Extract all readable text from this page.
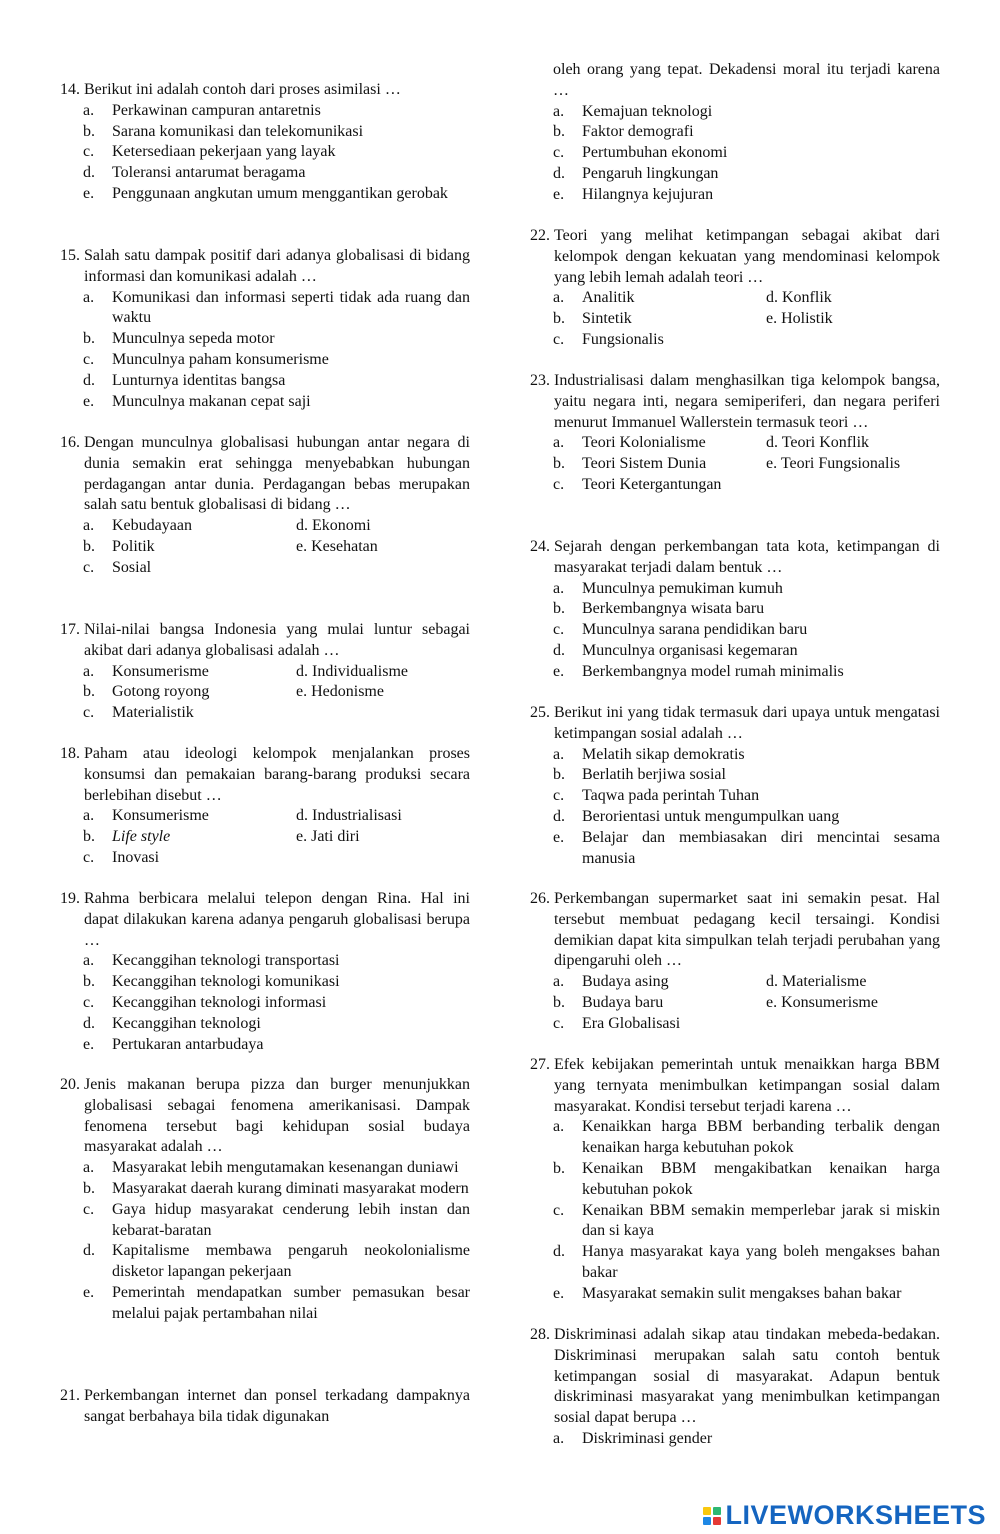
14. Berikut ini adalah contoh dari proses asimilasi …
a.	Perkawinan campuran antaretnis
b.	Sarana komunikasi dan telekomunikasi
c.	Ketersediaan pekerjaan yang layak
d.	Toleransi antarumat beragama
e.	Penggunaan angkutan umum menggantikan gerobak
15. Salah satu dampak positif dari adanya globalisasi di bidang informasi dan komunikasi adalah …
a.	Komunikasi dan informasi seperti tidak ada ruang dan waktu
b.	Munculnya sepeda motor
c.	Munculnya paham konsumerisme
d.	Lunturnya identitas bangsa
e.	Munculnya makanan cepat saji
16. Dengan munculnya globalisasi hubungan antar negara di dunia semakin erat sehingga menyebabkan hubungan perdagangan antar dunia. Perdagangan bebas merupakan salah satu bentuk globalisasi di bidang …
a.	Kebudayaan	d. Ekonomi
b.	Politik	e. Kesehatan
c.	Sosial
17. Nilai-nilai bangsa Indonesia yang mulai luntur sebagai akibat dari adanya globalisasi adalah …
a.	Konsumerisme	d. Individualisme
b.	Gotong royong	e. Hedonisme
c.	Materialistik
18. Paham atau ideologi kelompok menjalankan proses konsumsi dan pemakaian barang-barang produksi secara berlebihan disebut …
a.	Konsumerisme	d. Industrialisasi
b.	Life style	e. Jati diri
c.	Inovasi
19. Rahma berbicara melalui telepon dengan Rina. Hal ini dapat dilakukan karena adanya pengaruh globalisasi berupa …
a.	Kecanggihan teknologi transportasi
b.	Kecanggihan teknologi komunikasi
c.	Kecanggihan teknologi informasi
d.	Kecanggihan teknologi
e.	Pertukaran antarbudaya
20. Jenis makanan berupa pizza dan burger menunjukkan globalisasi sebagai fenomena amerikanisasi. Dampak fenomena tersebut bagi kehidupan sosial budaya masyarakat adalah …
a.	Masyarakat lebih mengutamakan kesenangan duniawi
b.	Masyarakat daerah kurang diminati masyarakat modern
c.	Gaya hidup masyarakat cenderung lebih instan dan kebarat-baratan
d.	Kapitalisme membawa pengaruh neokolonialisme disketor lapangan pekerjaan
e.	Pemerintah mendapatkan sumber pemasukan besar melalui pajak pertambahan nilai
21. Perkembangan internet dan ponsel terkadang dampaknya sangat berbahaya bila tidak digunakan
oleh orang yang tepat. Dekadensi moral itu terjadi karena …
a.	Kemajuan teknologi
b.	Faktor demografi
c.	Pertumbuhan ekonomi
d.	Pengaruh lingkungan
e.	Hilangnya kejujuran
22. Teori yang melihat ketimpangan sebagai akibat dari kelompok dengan kekuatan yang mendominasi kelompok yang lebih lemah adalah teori …
a.	Analitik	d. Konflik
b.	Sintetik	e. Holistik
c.	Fungsionalis
23. Industrialisasi dalam menghasilkan tiga kelompok bangsa, yaitu negara inti, negara semiperiferi, dan negara periferi menurut Immanuel Wallerstein termasuk teori …
a.	Teori Kolonialisme	d. Teori Konflik
b.	Teori Sistem Dunia	e. Teori Fungsionalis
c.	Teori Ketergantungan
24. Sejarah dengan perkembangan tata kota, ketimpangan di masyarakat terjadi dalam bentuk …
a.	Munculnya pemukiman kumuh
b.	Berkembangnya wisata baru
c.	Munculnya sarana pendidikan baru
d.	Munculnya organisasi kegemaran
e.	Berkembangnya model rumah minimalis
25. Berikut ini yang tidak termasuk dari upaya untuk mengatasi ketimpangan sosial adalah …
a.	Melatih sikap demokratis
b.	Berlatih berjiwa sosial
c.	Taqwa pada perintah Tuhan
d.	Berorientasi untuk mengumpulkan uang
e.	Belajar dan membiasakan diri mencintai sesama manusia
26. Perkembangan supermarket saat ini semakin pesat. Hal tersebut membuat pedagang kecil tersaingi. Kondisi demikian dapat kita simpulkan telah terjadi perubahan yang dipengaruhi oleh …
a.	Budaya asing	d. Materialisme
b.	Budaya baru	e. Konsumerisme
c.	Era Globalisasi
27. Efek kebijakan pemerintah untuk menaikkan harga BBM yang ternyata menimbulkan ketimpangan sosial dalam masyarakat. Kondisi tersebut terjadi karena …
a.	Kenaikkan harga BBM berbanding terbalik dengan kenaikan harga kebutuhan pokok
b.	Kenaikan BBM mengakibatkan kenaikan harga kebutuhan pokok
c.	Kenaikan BBM semakin memperlebar jarak si miskin dan si kaya
d.	Hanya masyarakat kaya yang boleh mengakses bahan bakar
e.	Masyarakat semakin sulit mengakses bahan bakar
28. Diskriminasi adalah sikap atau tindakan mebeda-bedakan. Diskriminasi merupakan salah satu contoh bentuk ketimpangan sosial di masyarakat. Adapun bentuk diskriminasi masyarakat yang menimbulkan ketimpangan sosial dapat berupa …
a.	Diskriminasi gender
LIVEWORKSHEETS
